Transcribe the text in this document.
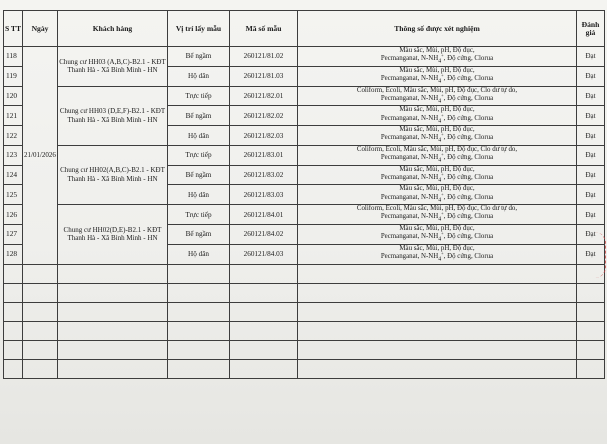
S TT	Ngày	Khách hàng	Vị trí lấy mẫu	Mã số mẫu	Thông số được xét nghiệm	Đánh giá
118	21/01/2026	Chung cư HH03 (A,B,C)-B2.1 - KĐT Thanh Hà - Xã Bình Minh - HN	Bể ngầm	260121/81.02	Màu sắc, Mùi, pH, Độ đục,
Pecmanganat, $N-NH_4^+$, Độ cứng, Clorua	Đạt
119			Hộ dân	260121/81.03	Màu sắc, Mùi, pH, Độ đục,
Pecmanganat, $N-NH_4^+$, Độ cứng, Clorua	Đạt
120		Chung cư HH03 (D,E,F)-B2.1 - KĐT Thanh Hà - Xã Bình Minh - HN	Trực tiếp	260121/82.01	Coliform, Ecoli, Màu sắc, Mùi, pH, Độ đục, Clo dư tự do,
Pecmanganat, $N-NH_4^+$, Độ cứng, Clorua	Đạt
121			Bể ngầm	260121/82.02	Màu sắc, Mùi, pH, Độ đục,
Pecmanganat, $N-NH_4^+$, Độ cứng, Clorua	Đạt
122			Hộ dân	260121/82.03	Màu sắc, Mùi, pH, Độ đục,
Pecmanganat, $N-NH_4^+$, Độ cứng, Clorua	Đạt
123		Chung cư HH02(A,B,C)-B2.1 - KĐT Thanh Hà - Xã Bình Minh - HN	Trực tiếp	260121/83.01	Coliform, Ecoli, Màu sắc, Mùi, pH, Độ đục, Clo dư tự do,
Pecmanganat, $N-NH_4^+$, Độ cứng, Clorua	Đạt
124			Bể ngầm	260121/83.02	Màu sắc, Mùi, pH, Độ đục,
Pecmanganat, $N-NH_4^+$, Độ cứng, Clorua	Đạt
125			Hộ dân	260121/83.03	Màu sắc, Mùi, pH, Độ đục,
Pecmanganat, $N-NH_4^+$, Độ cứng, Clorua	Đạt
126		Chung cư HH02(D,E)-B2.1 - KĐT Thanh Hà - Xã Bình Minh - HN	Trực tiếp	260121/84.01	Coliform, Ecoli, Màu sắc, Mùi, pH, Độ đục, Clo dư tự do,
Pecmanganat, $N-NH_4^+$, Độ cứng, Clorua	Đạt
127			Bể ngầm	260121/84.02	Màu sắc, Mùi, pH, Độ đục,
Pecmanganat, $N-NH_4^+$, Độ cứng, Clorua	Đạt
128			Hộ dân	260121/84.03	Màu sắc, Mùi, pH, Độ đục,
Pecmanganat, $N-NH_4^+$, Độ cứng, Clorua	Đạt
